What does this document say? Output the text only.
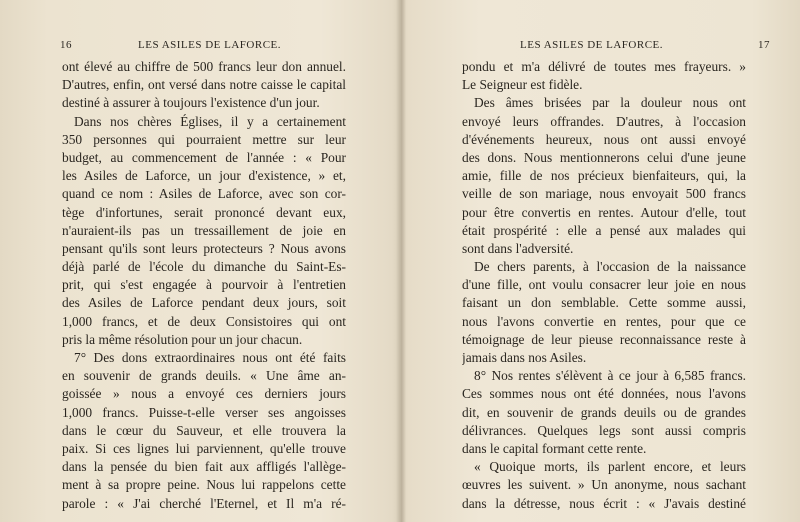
16	LES ASILES DE LAFORCE.
ont élevé au chiffre de 500 francs leur don annuel.
D'autres, enfin, ont versé dans notre caisse le capital
destiné à assurer à toujours l'existence d'un jour.
Dans nos chères Églises, il y a certainement
350 personnes qui pourraient mettre sur leur
budget, au commencement de l'année : « Pour
les Asiles de Laforce, un jour d'existence, » et,
quand ce nom : Asiles de Laforce, avec son cor-
tège d'infortunes, serait prononcé devant eux,
n'auraient-ils pas un tressaillement de joie en
pensant qu'ils sont leurs protecteurs ? Nous avons
déjà parlé de l'école du dimanche du Saint-Es-
prit, qui s'est engagée à pourvoir à l'entretien
des Asiles de Laforce pendant deux jours, soit
1,000 francs, et de deux Consistoires qui ont
pris la même résolution pour un jour chacun.
7° Des dons extraordinaires nous ont été faits
en souvenir de grands deuils. « Une âme an-
goissée » nous a envoyé ces derniers jours
1,000 francs. Puisse-t-elle verser ses angoisses
dans le cœur du Sauveur, et elle trouvera la
paix. Si ces lignes lui parviennent, qu'elle trouve
dans la pensée du bien fait aux affligés l'allège-
ment à sa propre peine. Nous lui rappelons cette
parole : « J'ai cherché l'Eternel, et Il m'a ré-
LES ASILES DE LAFORCE.	17
pondu et m'a délivré de toutes mes frayeurs. »
Le Seigneur est fidèle.
Des âmes brisées par la douleur nous ont
envoyé leurs offrandes. D'autres, à l'occasion
d'événements heureux, nous ont aussi envoyé
des dons. Nous mentionnerons celui d'une jeune
amie, fille de nos précieux bienfaiteurs, qui, la
veille de son mariage, nous envoyait 500 francs
pour être convertis en rentes. Autour d'elle, tout
était prospérité : elle a pensé aux malades qui
sont dans l'adversité.
De chers parents, à l'occasion de la naissance
d'une fille, ont voulu consacrer leur joie en nous
faisant un don semblable. Cette somme aussi,
nous l'avons convertie en rentes, pour que ce
témoignage de leur pieuse reconnaissance reste à
jamais dans nos Asiles.
8° Nos rentes s'élèvent à ce jour à 6,585 francs.
Ces sommes nous ont été données, nous l'avons
dit, en souvenir de grands deuils ou de grandes
délivrances. Quelques legs sont aussi compris
dans le capital formant cette rente.
« Quoique morts, ils parlent encore, et leurs
œuvres les suivent. » Un anonyme, nous sachant
dans la détresse, nous écrit : « J'avais destiné
